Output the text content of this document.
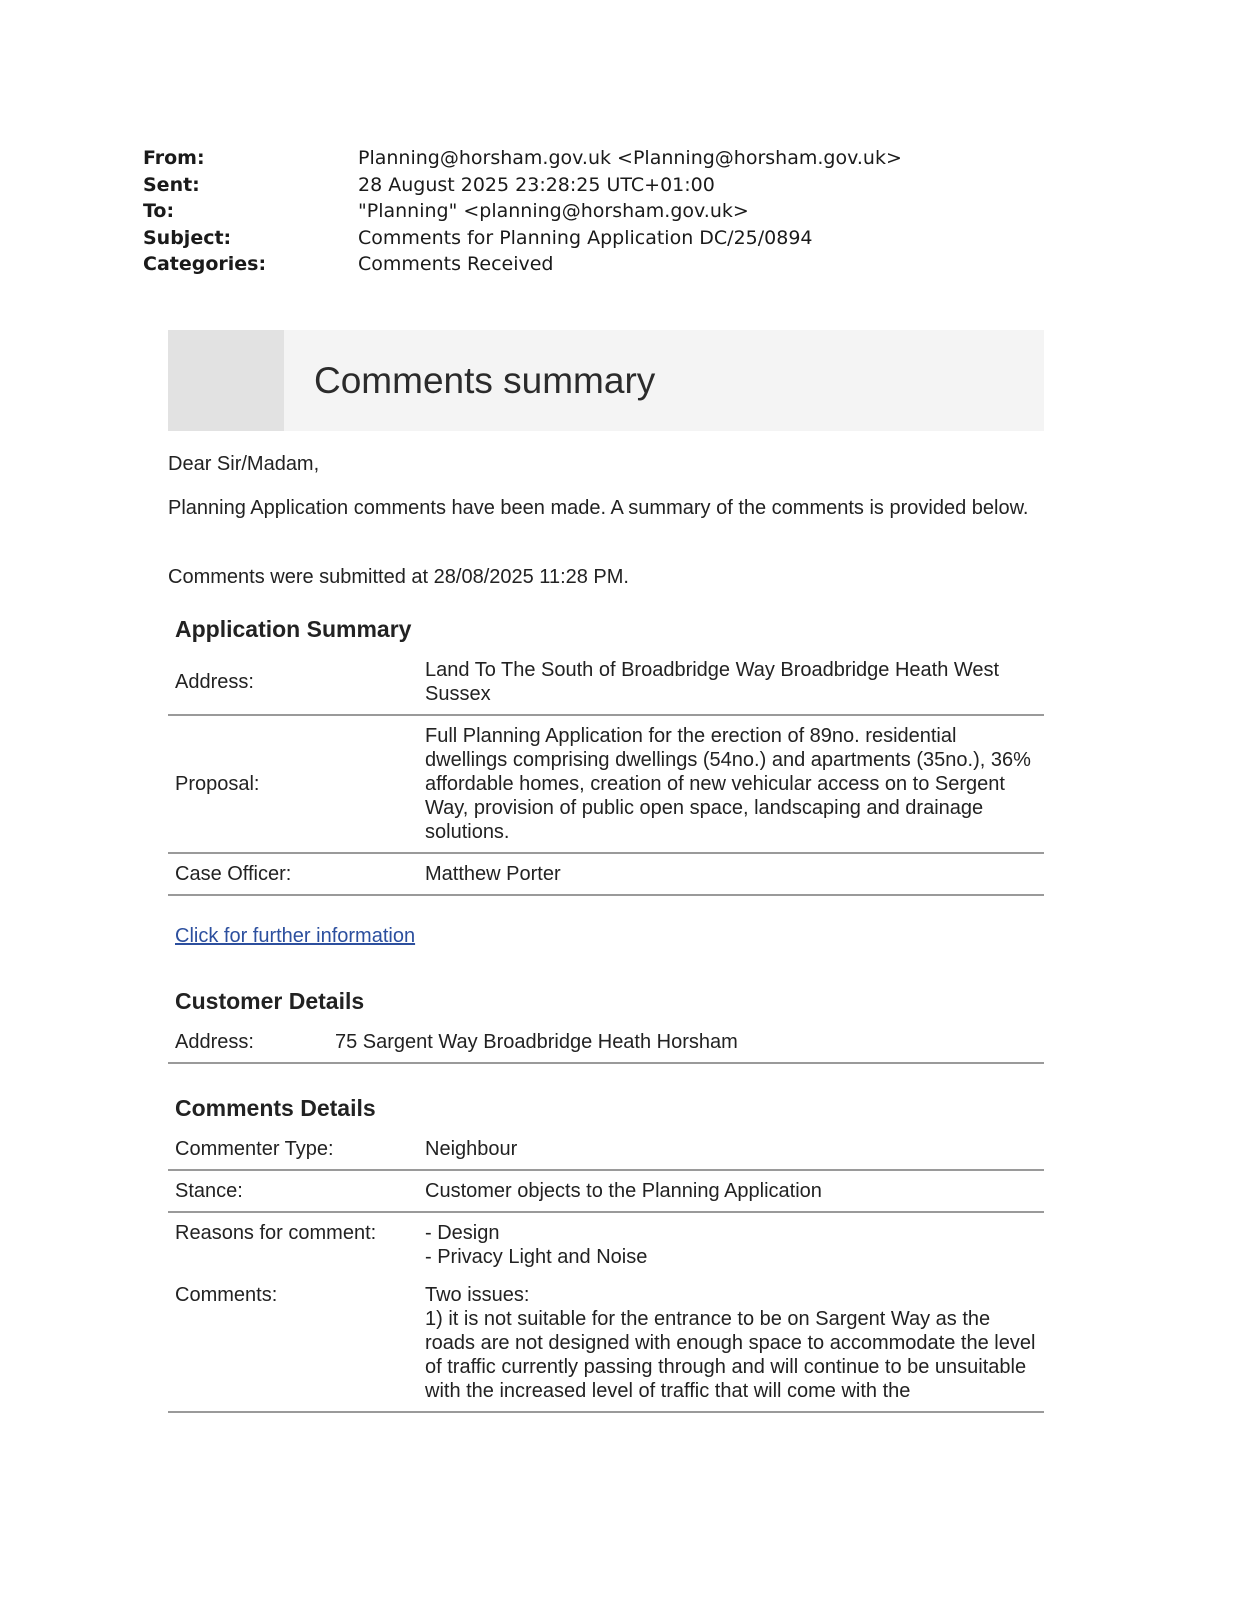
From:	Planning@horsham.gov.uk <Planning@horsham.gov.uk>
Sent:	28 August 2025 23:28:25 UTC+01:00
To:	"Planning" <planning@horsham.gov.uk>
Subject:	Comments for Planning Application DC/25/0894
Categories:	Comments Received
Comments summary

Dear Sir/Madam,

Planning Application comments have been made. A summary of the comments is provided below.

Comments were submitted at 28/08/2025 11:28 PM.

Application Summary
Address:	Land To The South of Broadbridge Way Broadbridge Heath West Sussex
Proposal:	Full Planning Application for the erection of 89no. residential dwellings comprising dwellings (54no.) and apartments (35no.), 36% affordable homes, creation of new vehicular access on to Sergent Way, provision of public open space, landscaping and drainage solutions.
Case Officer:	Matthew Porter
Click for further information
Customer Details
Address:	75 Sargent Way Broadbridge Heath Horsham
Comments Details
Commenter Type:	Neighbour
Stance:	Customer objects to the Planning Application
Reasons for comment:	- Design
- Privacy Light and Noise

Comments:	Two issues:
1) it is not suitable for the entrance to be on Sargent Way as the roads are not designed with enough space to accommodate the level of traffic currently passing through and will continue to be unsuitable with the increased level of traffic that will come with the
